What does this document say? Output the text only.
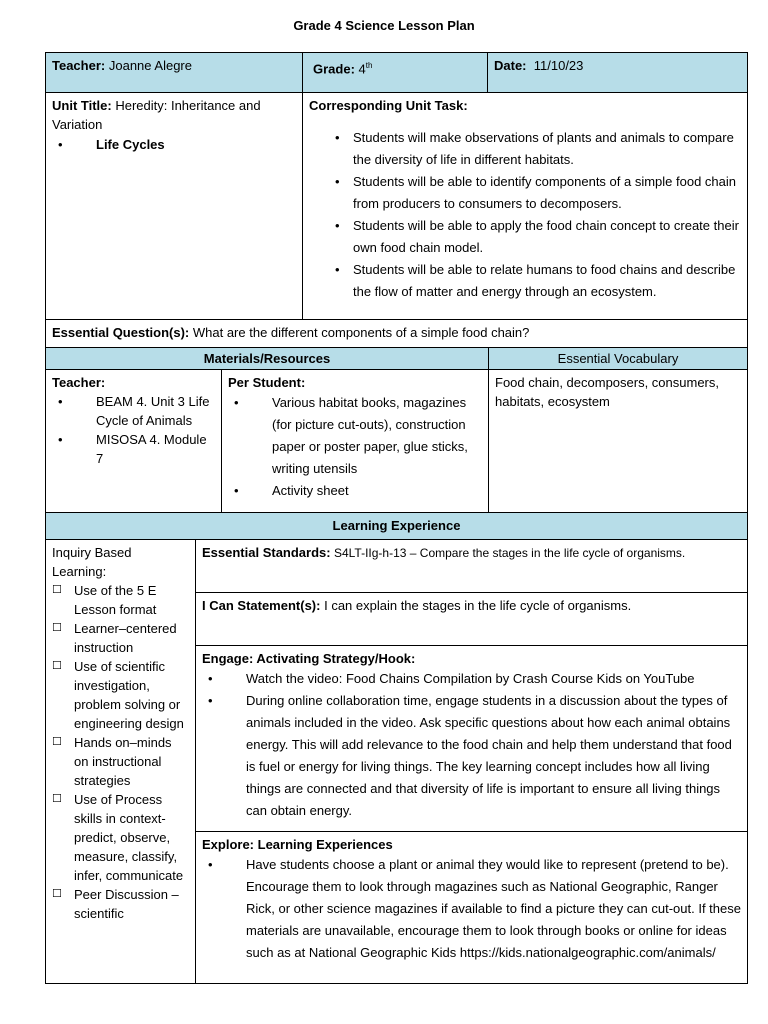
Grade 4 Science Lesson Plan
Teacher: Joanne Alegre	Grade: 4th	Date: 11/10/23
Unit Title: Heredity: Inheritance and Variation
• Life Cycles
Corresponding Unit Task:
• Students will make observations of plants and animals to compare the diversity of life in different habitats.
• Students will be able to identify components of a simple food chain from producers to consumers to decomposers.
• Students will be able to apply the food chain concept to create their own food chain model.
• Students will be able to relate humans to food chains and describe the flow of matter and energy through an ecosystem.
Essential Question(s): What are the different components of a simple food chain?
Materials/Resources	Essential Vocabulary
Teacher:
• BEAM 4. Unit 3 Life Cycle of Animals
• MISOSA 4. Module 7
Per Student:
• Various habitat books, magazines (for picture cut-outs), construction paper or poster paper, glue sticks, writing utensils
• Activity sheet
Food chain, decomposers, consumers, habitats, ecosystem
Learning Experience
Inquiry Based Learning:
☐ Use of the 5 E Lesson format
☐ Learner–centered instruction
☐ Use of scientific investigation, problem solving or engineering design
☐ Hands on–minds on instructional strategies
☐ Use of Process skills in context- predict, observe, measure, classify, infer, communicate
☐ Peer Discussion – scientific
Essential Standards: S4LT-IIg-h-13 – Compare the stages in the life cycle of organisms.
I Can Statement(s): I can explain the stages in the life cycle of organisms.
Engage: Activating Strategy/Hook:
• Watch the video: Food Chains Compilation by Crash Course Kids on YouTube
• During online collaboration time, engage students in a discussion about the types of animals included in the video. Ask specific questions about how each animal obtains energy. This will add relevance to the food chain and help them understand that food is fuel or energy for living things. The key learning concept includes how all living things are connected and that diversity of life is important to ensure all living things can obtain energy.
Explore: Learning Experiences
• Have students choose a plant or animal they would like to represent (pretend to be). Encourage them to look through magazines such as National Geographic, Ranger Rick, or other science magazines if available to find a picture they can cut-out. If these materials are unavailable, encourage them to look through books or online for ideas such as at National Geographic Kids https://kids.nationalgeographic.com/animals/
